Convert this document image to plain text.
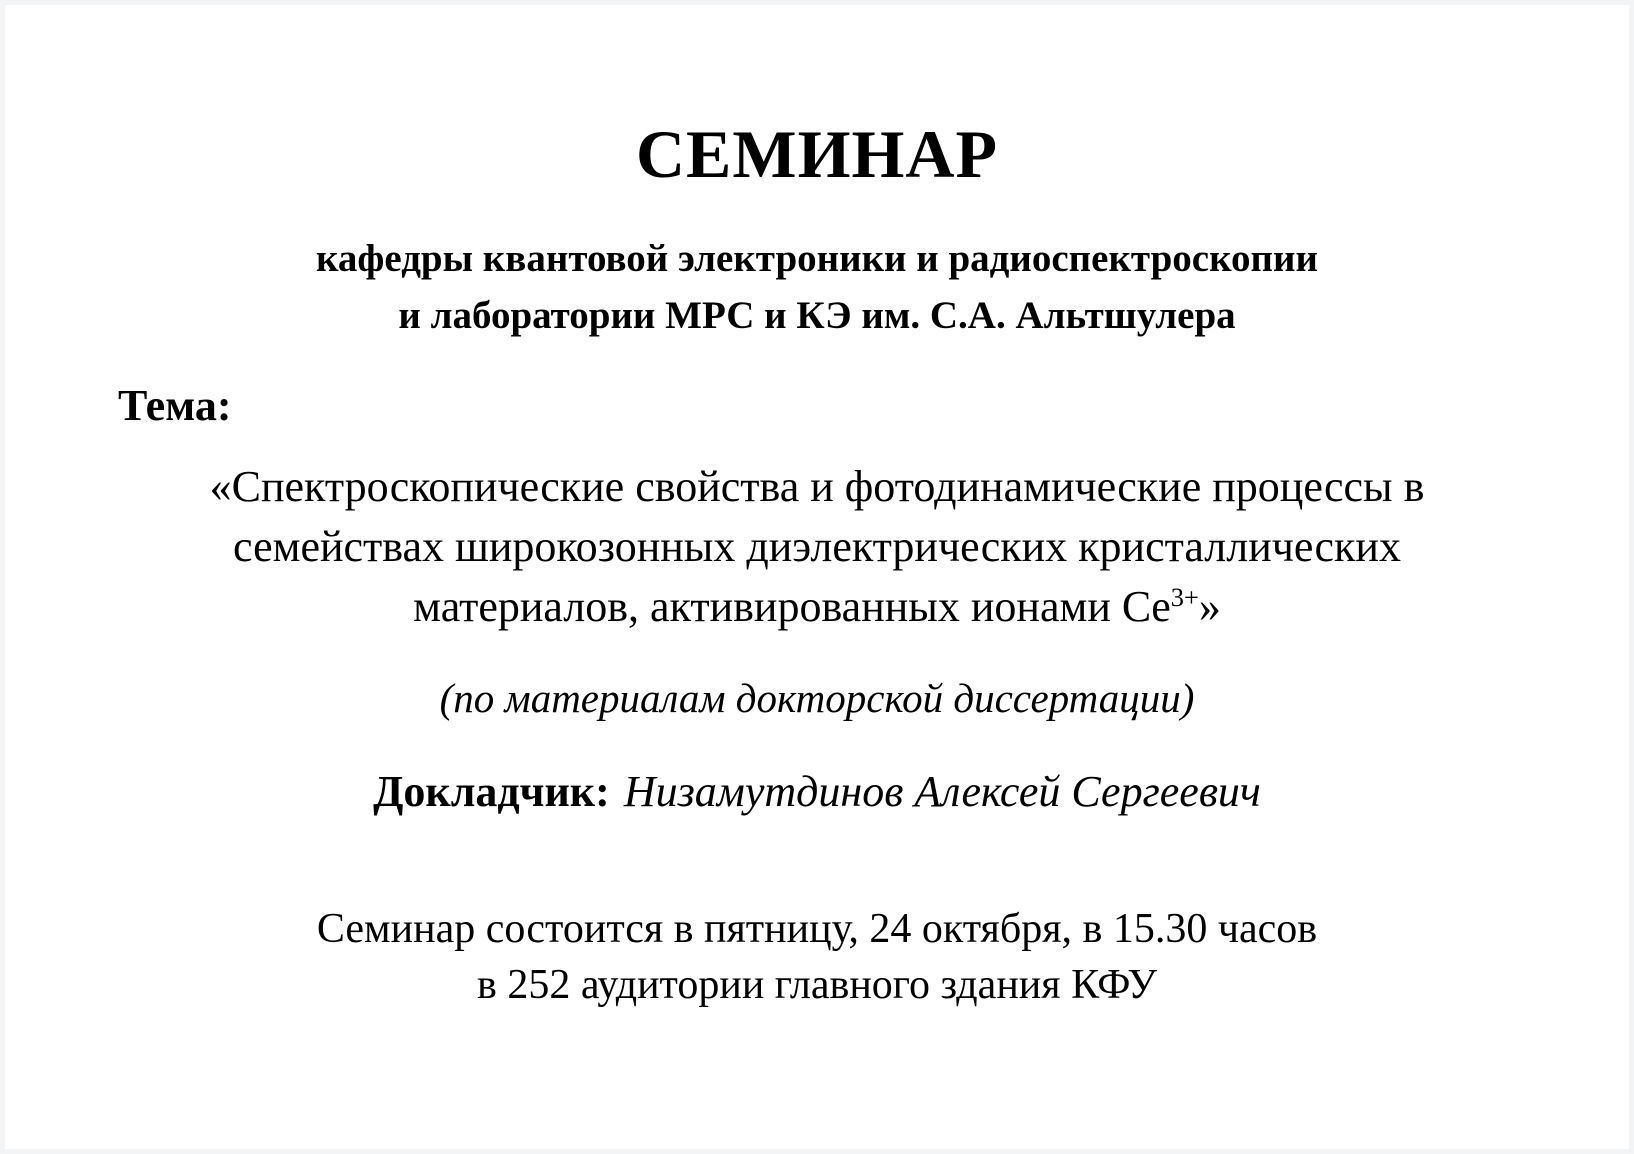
СЕМИНАР
кафедры квантовой электроники и радиоспектроскопии
и лаборатории МРС и КЭ им. С.А. Альтшулера
Тема:
«Спектроскопические свойства и фотодинамические процессы в
семействах широкозонных диэлектрических кристаллических
материалов, активированных ионами $Ce^{3+}$»
(по материалам докторской диссертации)
Докладчик: Низамутдинов Алексей Сергеевич
Семинар состоится в пятницу, 24 октября, в 15.30 часов
в 252 аудитории главного здания КФУ
